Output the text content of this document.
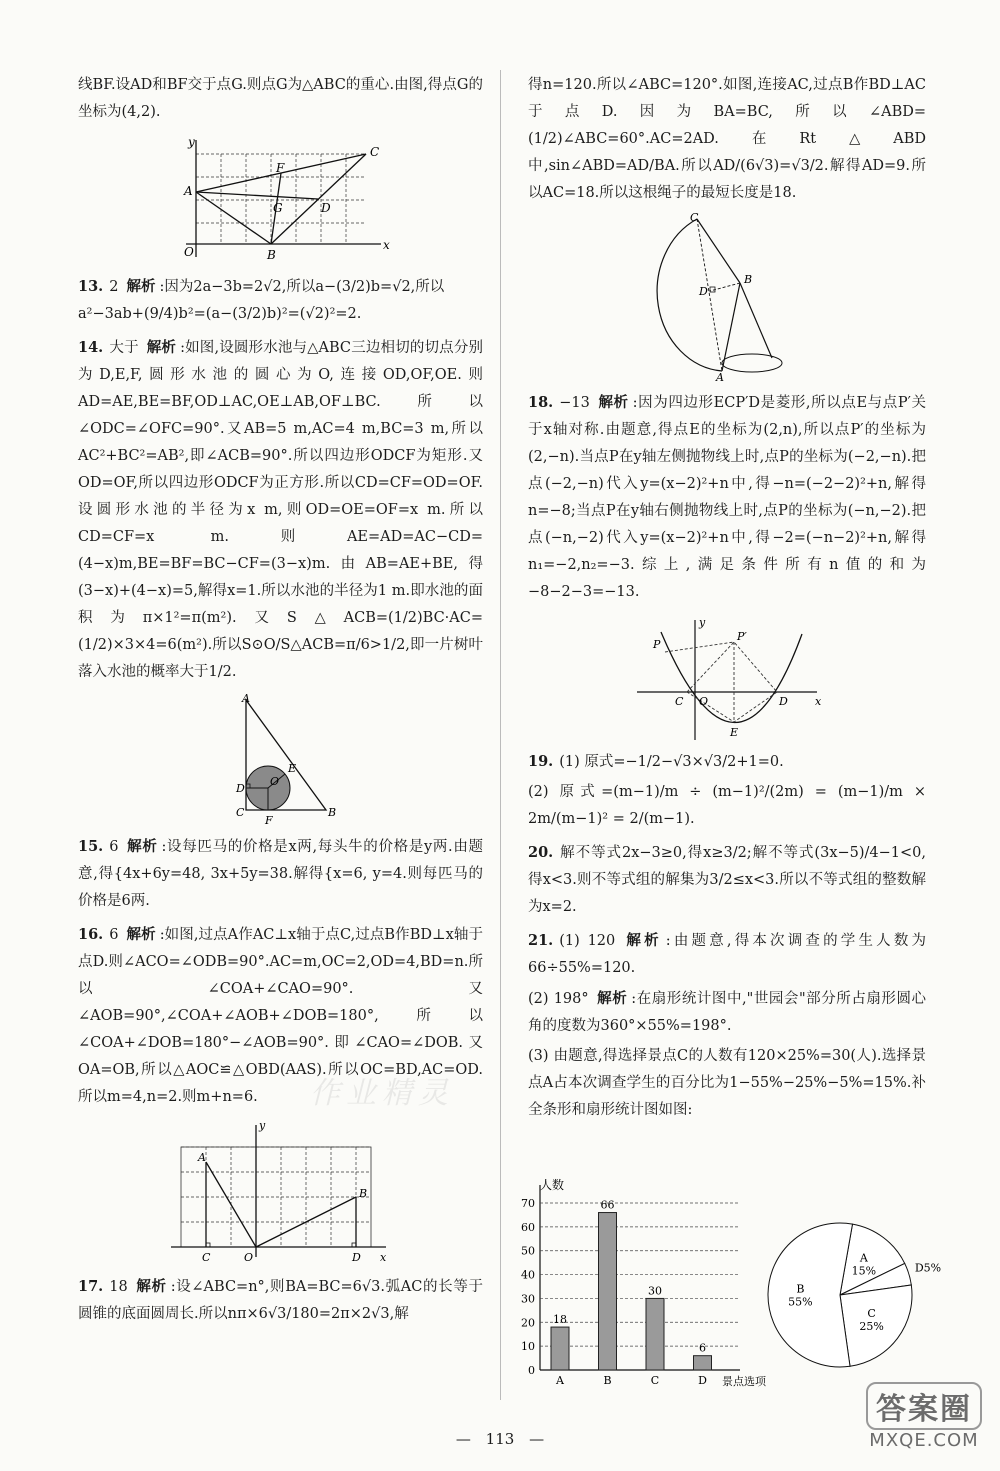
作业精灵

线BF.设AD和BF交于点G.则点G为△ABC的重心.由图,得点G的坐标为(4,2).

y
C
F
A
G	D
O	B
x

13. 2 解析 :因为2a−3b=2√2,所以a−(3/2)b=√2,所以
a²−3ab+(9/4)b²=(a−(3/2)b)²=(√2)²=2.

14. 大于 解析 :如图,设圆形水池与△ABC三边相切的切点分别为D,E,F,圆形水池的圆心为O,连接OD,OF,OE.则AD=AE,BE=BF,OD⊥AC,OE⊥AB,OF⊥BC.所以∠ODC=∠OFC=90°.又AB=5 m,AC=4 m,BC=3 m,所以AC²+BC²=AB²,即∠ACB=90°.所以四边形ODCF为矩形.又OD=OF,所以四边形ODCF为正方形.所以CD=CF=OD=OF.设圆形水池的半径为x m,则OD=OE=OF=x m.所以CD=CF=x m.则AE=AD=AC−CD=(4−x)m,BE=BF=BC−CF=(3−x)m.由AB=AE+BE,得(3−x)+(4−x)=5,解得x=1.所以水池的半径为1 m.即水池的面积为π×1²=π(m²).又S△ACB=(1/2)BC·AC=(1/2)×3×4=6(m²).所以S⊙O/S△ACB=π/6>1/2,即一片树叶落入水池的概率大于1/2.

A
E
O
D
C
F
B

15. 6 解析 :设每匹马的价格是x两,每头牛的价格是y两.由题意,得{4x+6y=48, 3x+5y=38.解得{x=6, y=4.则每匹马的价格是6两.

16. 6 解析 :如图,过点A作AC⊥x轴于点C,过点B作BD⊥x轴于点D.则∠ACO=∠ODB=90°.AC=m,OC=2,OD=4,BD=n.所以∠COA+∠CAO=90°.又∠AOB=90°,∠COA+∠AOB+∠DOB=180°,所以∠COA+∠DOB=180°−∠AOB=90°.即∠CAO=∠DOB.又OA=OB,所以△AOC≌△OBD(AAS).所以OC=BD,AC=OD.所以m=4,n=2.则m+n=6.

y
A
B
C	O	D x

17. 18 解析 :设∠ABC=n°,则BA=BC=6√3.弧AC的长等于圆锥的底面圆周长.所以nπ×6√3/180=2π×2√3,解

得n=120.所以∠ABC=120°.如图,连接AC,过点B作BD⊥AC于点D.因为BA=BC,所以∠ABD=(1/2)∠ABC=60°.AC=2AD.在Rt△ABD中,sin∠ABD=AD/BA.所以AD/(6√3)=√3/2.解得AD=9.所以AC=18.所以这根绳子的最短长度是18.

C
B
D
A

18. −13 解析 :因为四边形ECP′D是菱形,所以点E与点P′关于x轴对称.由题意,得点E的坐标为(2,n),所以点P′的坐标为(2,−n).当点P在y轴左侧抛物线上时,点P的坐标为(−2,−n).把点(−2,−n)代入y=(x−2)²+n中,得−n=(−2−2)²+n,解得n=−8;当点P在y轴右侧抛物线上时,点P的坐标为(−n,−2).把点(−n,−2)代入y=(x−2)²+n中,得−2=(−n−2)²+n,解得n₁=−2,n₂=−3.综上,满足条件所有n值的和为−8−2−3=−13.

y
P
P′
C O	D x
E

19. (1) 原式=−1/2−√3×√3/2+1=0.

(2) 原式=(m−1)/m ÷ (m−1)²/(2m) = (m−1)/m × 2m/(m−1)² = 2/(m−1).

20. 解不等式2x−3≥0,得x≥3/2;解不等式(3x−5)/4−1<0,得x<3.则不等式组的解集为3/2≤x<3.所以不等式组的整数解为x=2.

21. (1) 120 解析 :由题意,得本次调查的学生人数为66÷55%=120.

(2) 198° 解析 :在扇形统计图中,"世园会"部分所占扇形圆心角的度数为360°×55%=198°.

(3) 由题意,得选择景点C的人数有120×25%=30(人).选择景点A占本次调查学生的百分比为1−55%−25%−5%=15%.补全条形和扇形统计图如图:

18
66
30
6
0
10
20
30
40
50
60
70
A	B	C	D
人数
景点选项
A 15%	D5%
C 25%
B 55%
— 113 —
答案圈
MXQE.COM
